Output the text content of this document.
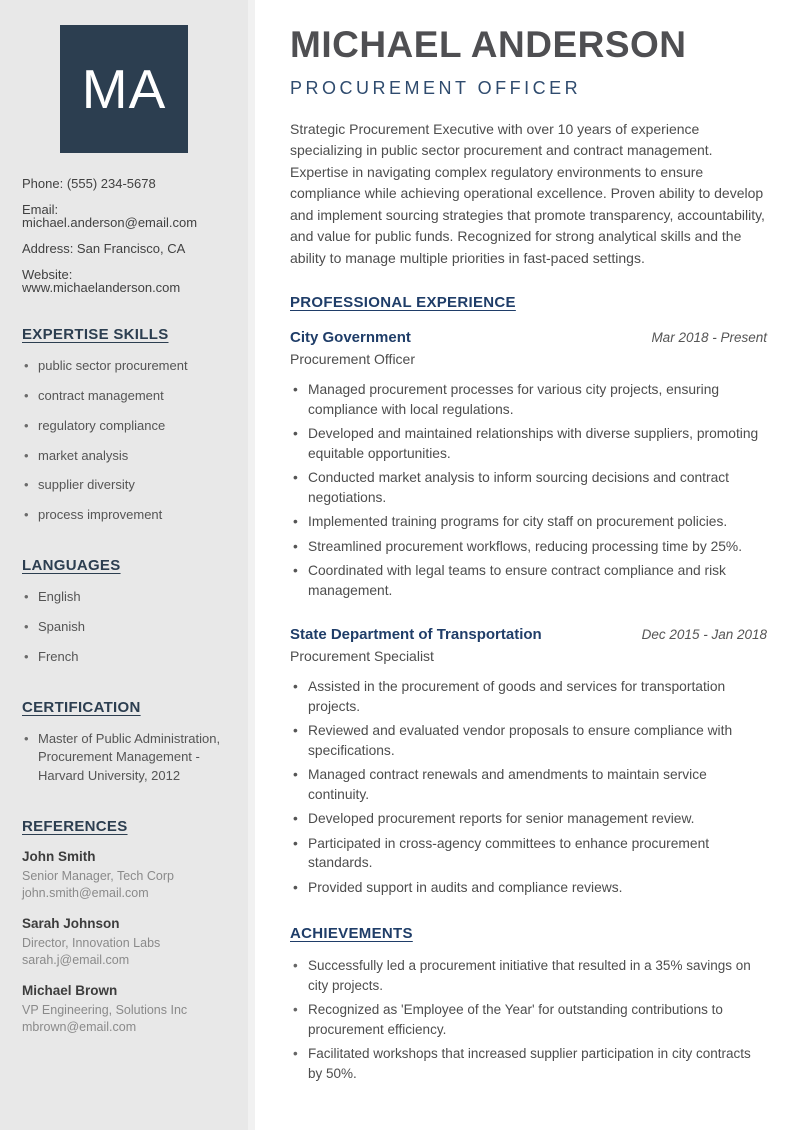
MA
Phone: (555) 234-5678
Email: michael.anderson@email.com
Address: San Francisco, CA
Website: www.michaelanderson.com
EXPERTISE SKILLS
• public sector procurement
• contract management
• regulatory compliance
• market analysis
• supplier diversity
• process improvement
LANGUAGES
• English
• Spanish
• French
CERTIFICATION
• Master of Public Administration, Procurement Management - Harvard University, 2012
REFERENCES
John Smith
Senior Manager, Tech Corp
john.smith@email.com
Sarah Johnson
Director, Innovation Labs
sarah.j@email.com
Michael Brown
VP Engineering, Solutions Inc
mbrown@email.com
MICHAEL ANDERSON
PROCUREMENT OFFICER

Strategic Procurement Executive with over 10 years of experience specializing in public sector procurement and contract management. Expertise in navigating complex regulatory environments to ensure compliance while achieving operational excellence. Proven ability to develop and implement sourcing strategies that promote transparency, accountability, and value for public funds. Recognized for strong analytical skills and the ability to manage multiple priorities in fast-paced settings.

PROFESSIONAL EXPERIENCE
City Government	Mar 2018 - Present
Procurement Officer
• Managed procurement processes for various city projects, ensuring compliance with local regulations.
• Developed and maintained relationships with diverse suppliers, promoting equitable opportunities.
• Conducted market analysis to inform sourcing decisions and contract negotiations.
• Implemented training programs for city staff on procurement policies.
• Streamlined procurement workflows, reducing processing time by 25%.
• Coordinated with legal teams to ensure contract compliance and risk management.
State Department of Transportation	Dec 2015 - Jan 2018
Procurement Specialist
• Assisted in the procurement of goods and services for transportation projects.
• Reviewed and evaluated vendor proposals to ensure compliance with specifications.
• Managed contract renewals and amendments to maintain service continuity.
• Developed procurement reports for senior management review.
• Participated in cross-agency committees to enhance procurement standards.
• Provided support in audits and compliance reviews.
ACHIEVEMENTS
• Successfully led a procurement initiative that resulted in a 35% savings on city projects.
• Recognized as 'Employee of the Year' for outstanding contributions to procurement efficiency.
• Facilitated workshops that increased supplier participation in city contracts by 50%.
